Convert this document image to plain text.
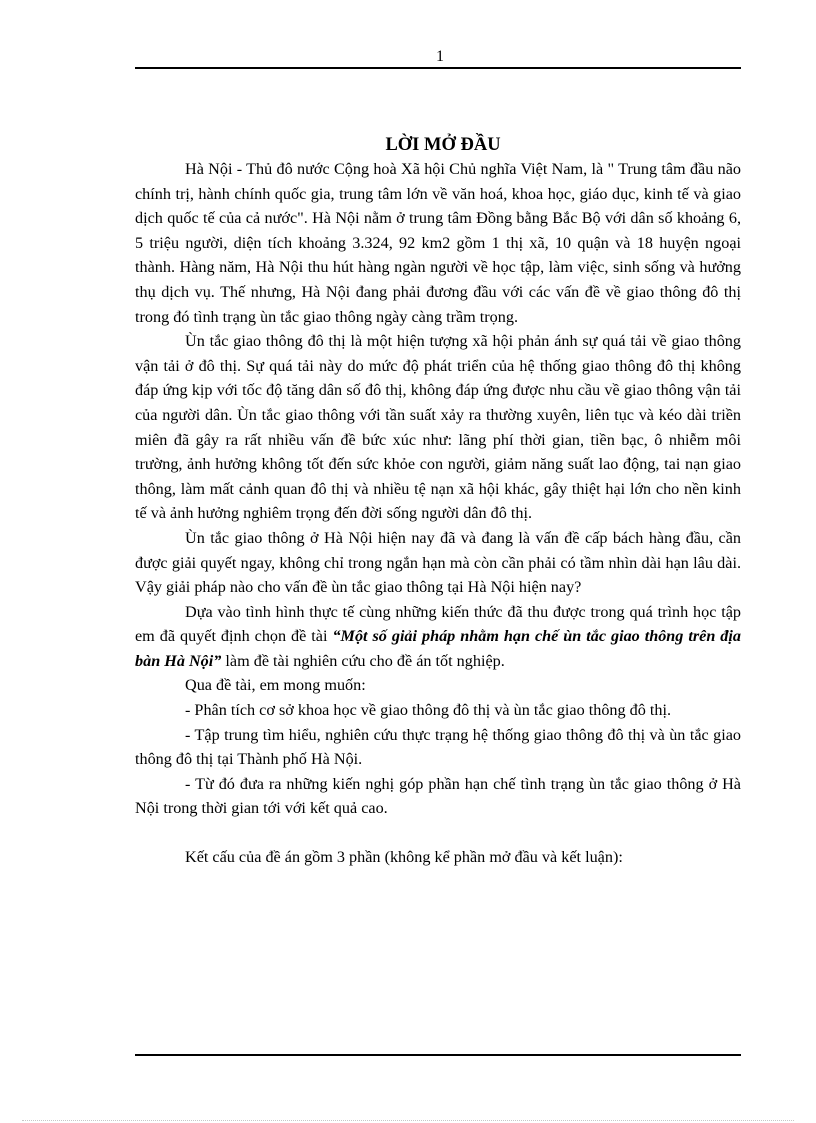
1
LỜI MỞ ĐẦU

Hà Nội - Thủ đô nước Cộng hoà Xã hội Chủ nghĩa Việt Nam, là " Trung tâm đầu não chính trị, hành chính quốc gia, trung tâm lớn về văn hoá, khoa học, giáo dục, kinh tế và giao dịch quốc tế của cả nước". Hà Nội nằm ở trung tâm Đồng bằng Bắc Bộ với dân số khoảng 6, 5 triệu người, diện tích khoảng 3.324, 92 km2 gồm 1 thị xã, 10 quận và 18 huyện ngoại thành. Hàng năm, Hà Nội thu hút hàng ngàn người về học tập, làm việc, sinh sống và hưởng thụ dịch vụ. Thế nhưng, Hà Nội đang phải đương đầu với các vấn đề về giao thông đô thị trong đó tình trạng ùn tắc giao thông ngày càng trầm trọng.

Ùn tắc giao thông đô thị là một hiện tượng xã hội phản ánh sự quá tải về giao thông vận tải ở đô thị. Sự quá tải này do mức độ phát triển của hệ thống giao thông đô thị không đáp ứng kịp với tốc độ tăng dân số đô thị, không đáp ứng được nhu cầu về giao thông vận tải của người dân. Ùn tắc giao thông với tần suất xảy ra thường xuyên, liên tục và kéo dài triền miên đã gây ra rất nhiều vấn đề bức xúc như: lãng phí thời gian, tiền bạc, ô nhiễm môi trường, ảnh hưởng không tốt đến sức khỏe con người, giảm năng suất lao động, tai nạn giao thông, làm mất cảnh quan đô thị và nhiều tệ nạn xã hội khác, gây thiệt hại lớn cho nền kinh tế và ảnh hưởng nghiêm trọng đến đời sống người dân đô thị.

Ùn tắc giao thông ở Hà Nội hiện nay đã và đang là vấn đề cấp bách hàng đầu, cần được giải quyết ngay, không chỉ trong ngắn hạn mà còn cần phải có tầm nhìn dài hạn lâu dài. Vậy giải pháp nào cho vấn đề ùn tắc giao thông tại Hà Nội hiện nay?

Dựa vào tình hình thực tế cùng những kiến thức đã thu được trong quá trình học tập em đã quyết định chọn đề tài “Một số giải pháp nhằm hạn chế ùn tắc giao thông trên địa bàn Hà Nội” làm đề tài nghiên cứu cho đề án tốt nghiệp.

Qua đề tài, em mong muốn:

- Phân tích cơ sở khoa học về giao thông đô thị và ùn tắc giao thông đô thị.

- Tập trung tìm hiểu, nghiên cứu thực trạng hệ thống giao thông đô thị và ùn tắc giao thông đô thị tại Thành phố Hà Nội.

- Từ đó đưa ra những kiến nghị góp phần hạn chế tình trạng ùn tắc giao thông ở Hà Nội trong thời gian tới với kết quả cao.

Kết cấu của đề án gồm 3 phần (không kể phần mở đầu và kết luận):
